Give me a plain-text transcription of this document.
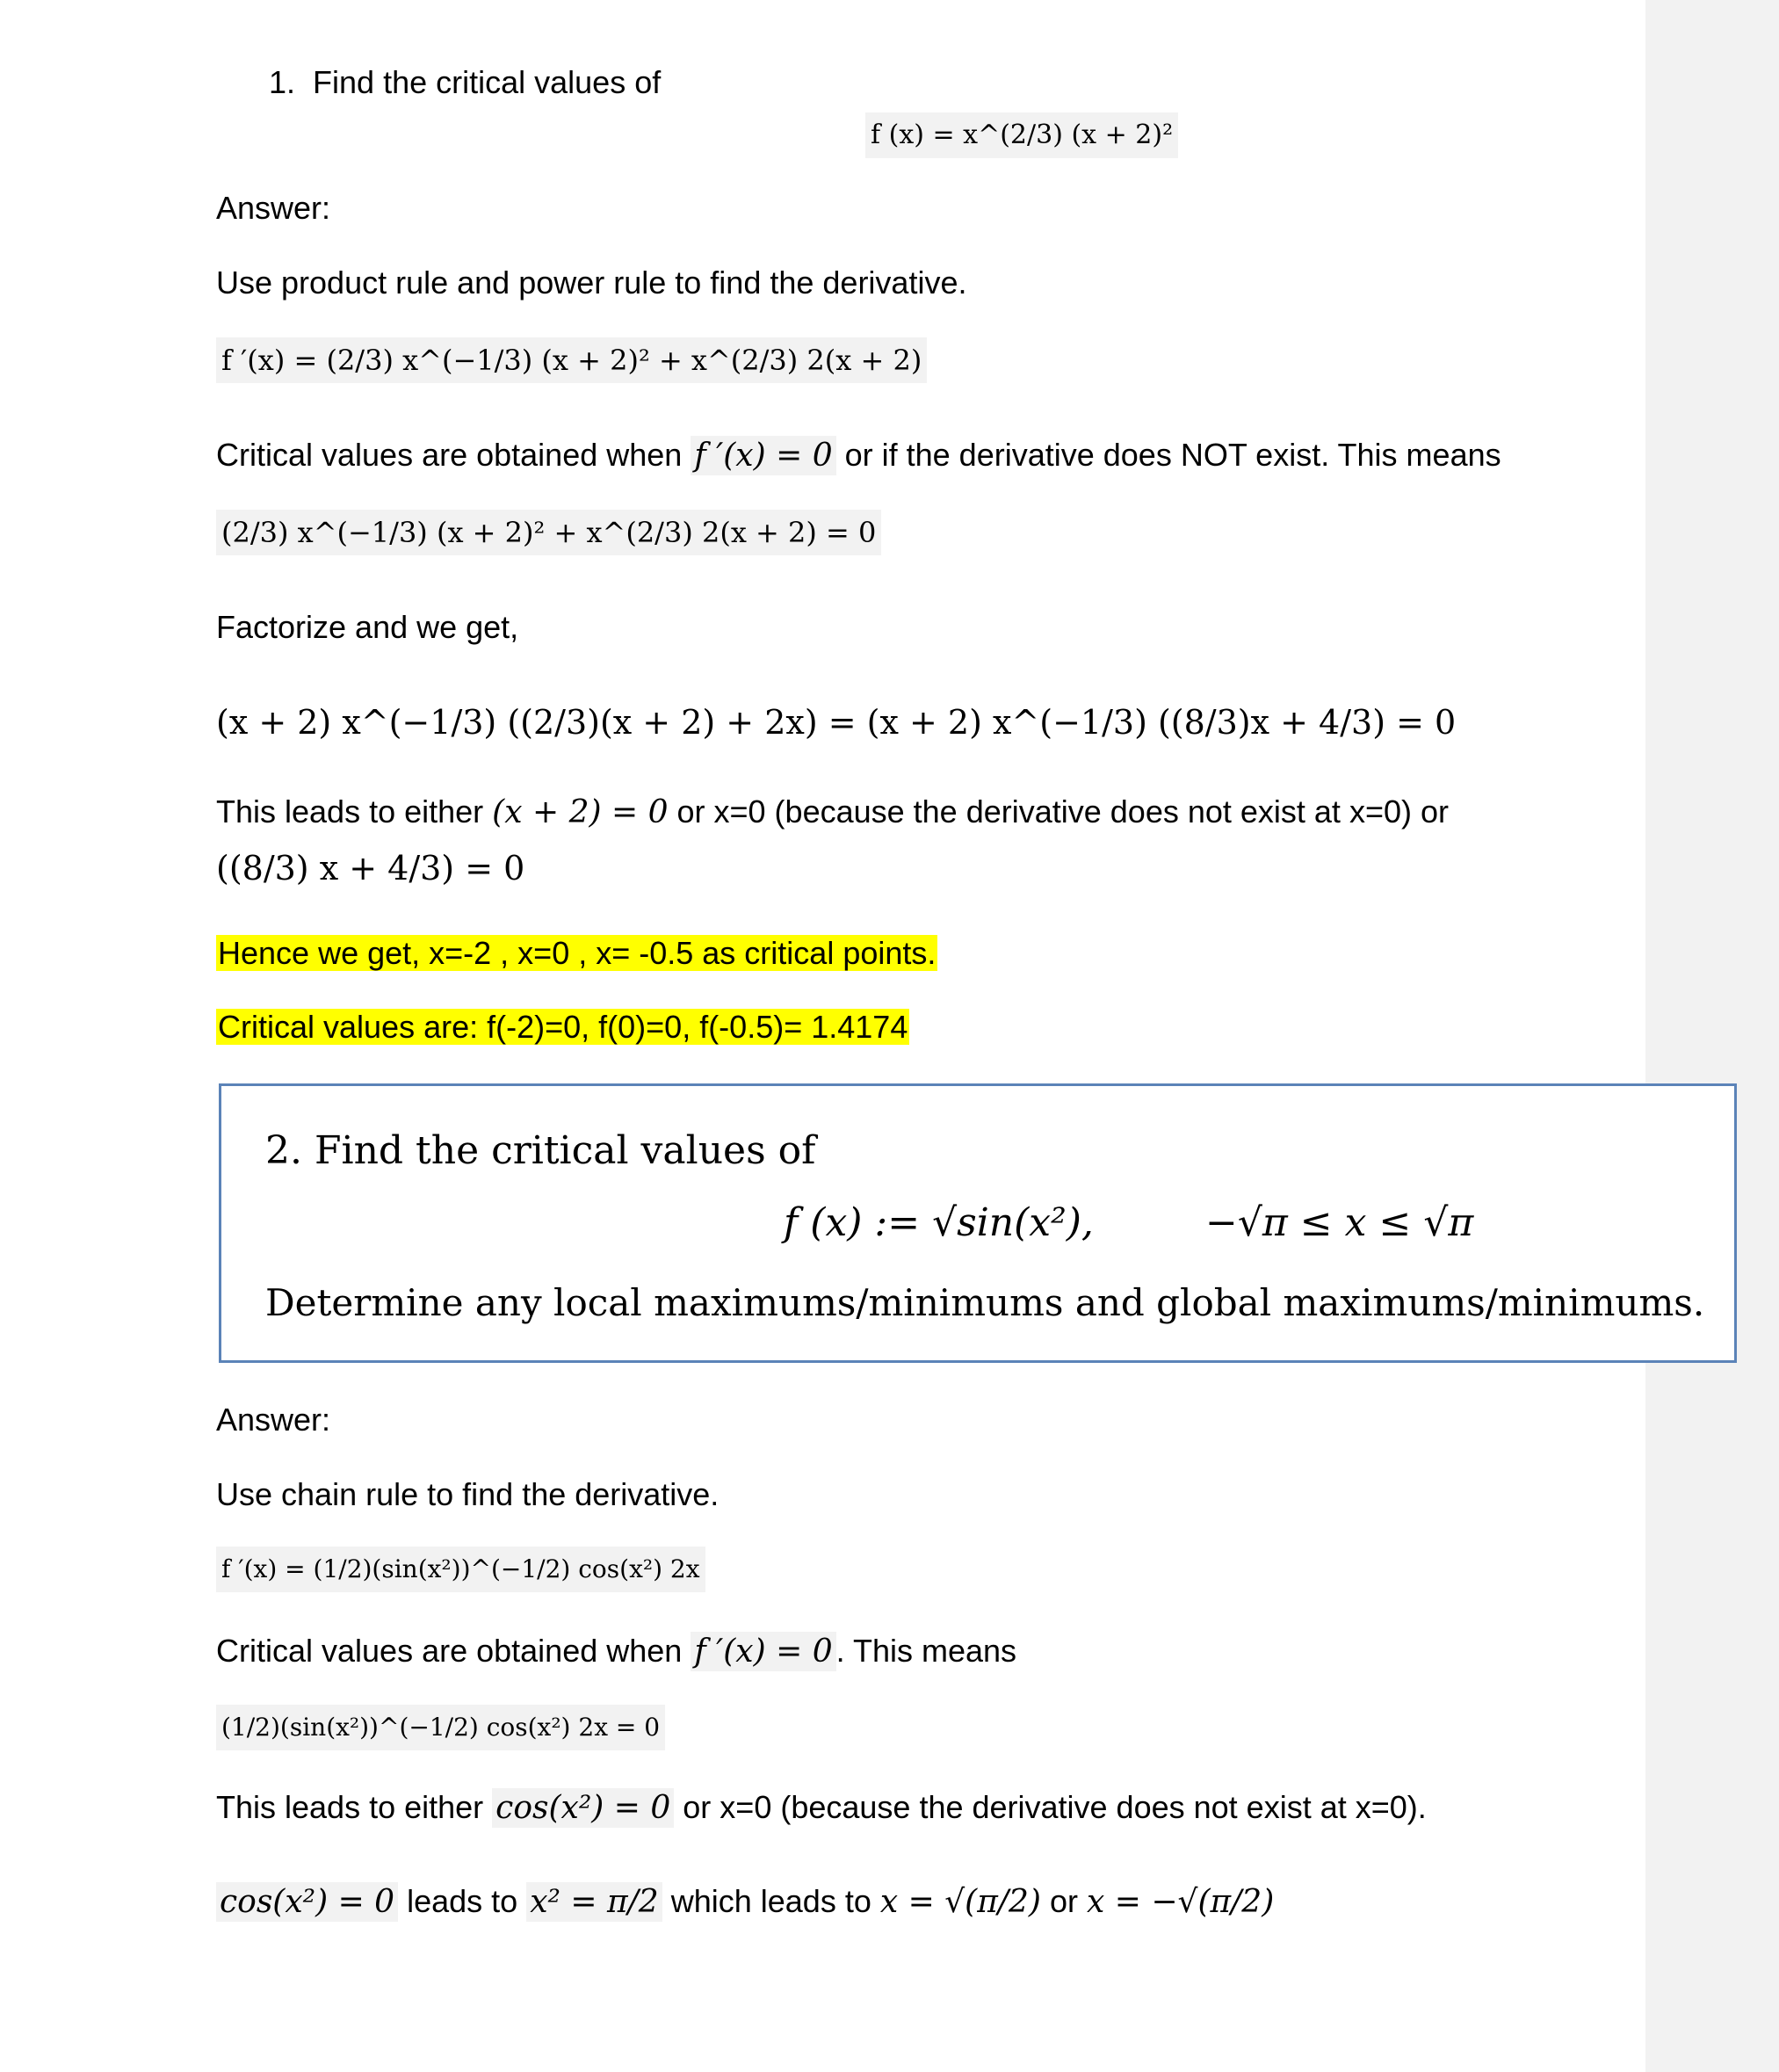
1. Find the critical values of
f (x) = x^(2/3) (x + 2)²
Answer:
Use product rule and power rule to find the derivative.
f ′(x) = (2/3) x^(−1/3) (x + 2)² + x^(2/3) 2(x + 2)
Critical values are obtained when f ′(x) = 0 or if the derivative does NOT exist. This means
(2/3) x^(−1/3) (x + 2)² + x^(2/3) 2(x + 2) = 0
Factorize and we get,
(x + 2) x^(−1/3) ((2/3)(x + 2) + 2x) = (x + 2) x^(−1/3) ((8/3)x + 4/3) = 0
This leads to either (x + 2) = 0 or x=0 (because the derivative does not exist at x=0) or
((8/3) x + 4/3) = 0
Hence we get, x=-2 , x=0 , x= -0.5 as critical points.
Critical values are: f(-2)=0, f(0)=0, f(-0.5)= 1.4174
2. Find the critical values of
f (x) := √sin(x²),	−√π ≤ x ≤ √π
Determine any local maximums/minimums and global maximums/minimums.
Answer:
Use chain rule to find the derivative.
f ′(x) = (1/2)(sin(x²))^(−1/2) cos(x²) 2x
Critical values are obtained when f ′(x) = 0 . This means
(1/2)(sin(x²))^(−1/2) cos(x²) 2x = 0
This leads to either cos(x²) = 0 or x=0 (because the derivative does not exist at x=0).
cos(x²) = 0 leads to x² = π/2 which leads to x = √(π/2) or x = −√(π/2)
